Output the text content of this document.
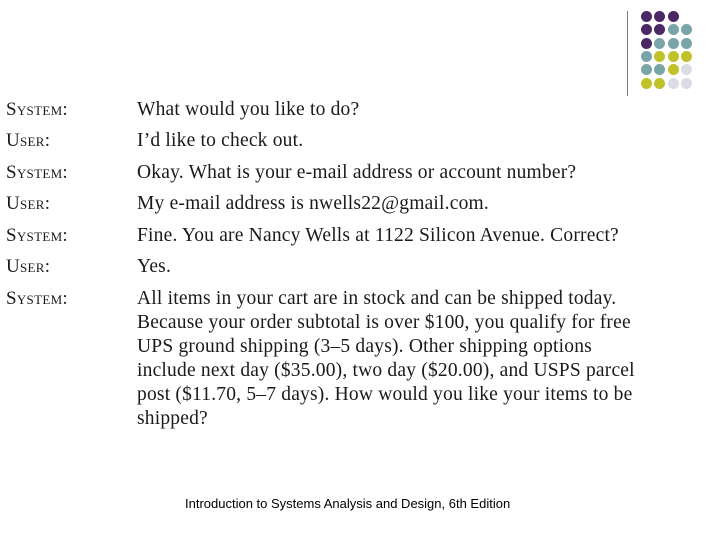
System:	What would you like to do?
User:	I’d like to check out.
System:	Okay. What is your e-mail address or account number?
User:	My e-mail address is nwells22@gmail.com.
System:	Fine. You are Nancy Wells at 1122 Silicon Avenue. Correct?
User:	Yes.
System:	All items in your cart are in stock and can be shipped today.
Because your order subtotal is over $100, you qualify for free
UPS ground shipping (3–5 days). Other shipping options
include next day ($35.00), two day ($20.00), and USPS parcel
post ($11.70, 5–7 days). How would you like your items to be
shipped?
Introduction to Systems Analysis and Design, 6th Edition
